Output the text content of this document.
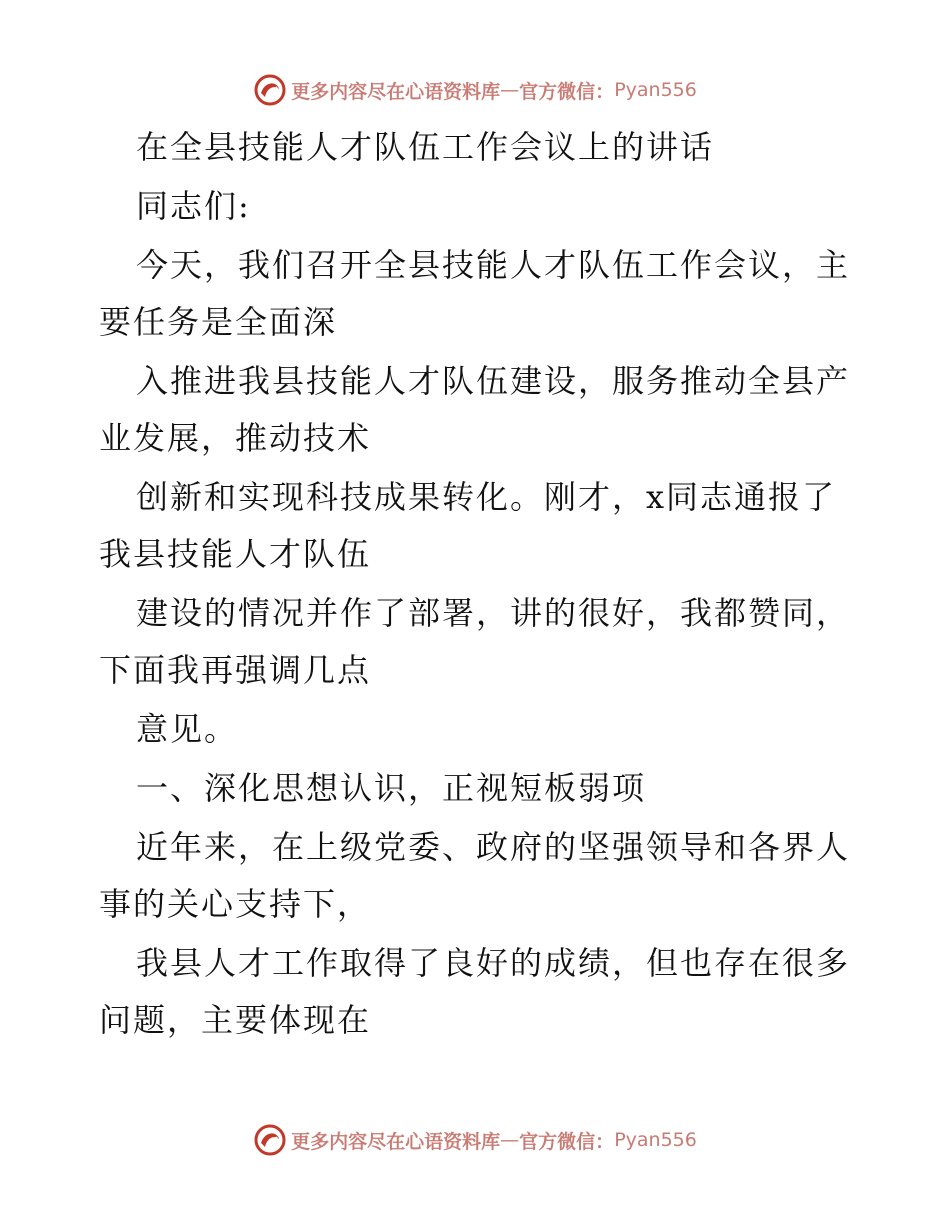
更多内容尽在心语资料库 — 官方微信： Pyan556
在全县技能人才队伍工作会议上的讲话
同志们:
今天，我们召开全县技能人才队伍工作会议，主
要任务是全面深
入推进我县技能人才队伍建设，服务推动全县产
业发展，推动技术
创新和实现科技成果转化。刚才，x同志通报了
我县技能人才队伍
建设的情况并作了部署，讲的很好，我都赞同，
下面我再强调几点
意见。
一、深化思想认识，正视短板弱项
近年来，在上级党委、政府的坚强领导和各界人
事的关心支持下，
我县人才工作取得了良好的成绩，但也存在很多
问题，主要体现在
更多内容尽在心语资料库 — 官方微信： Pyan556
